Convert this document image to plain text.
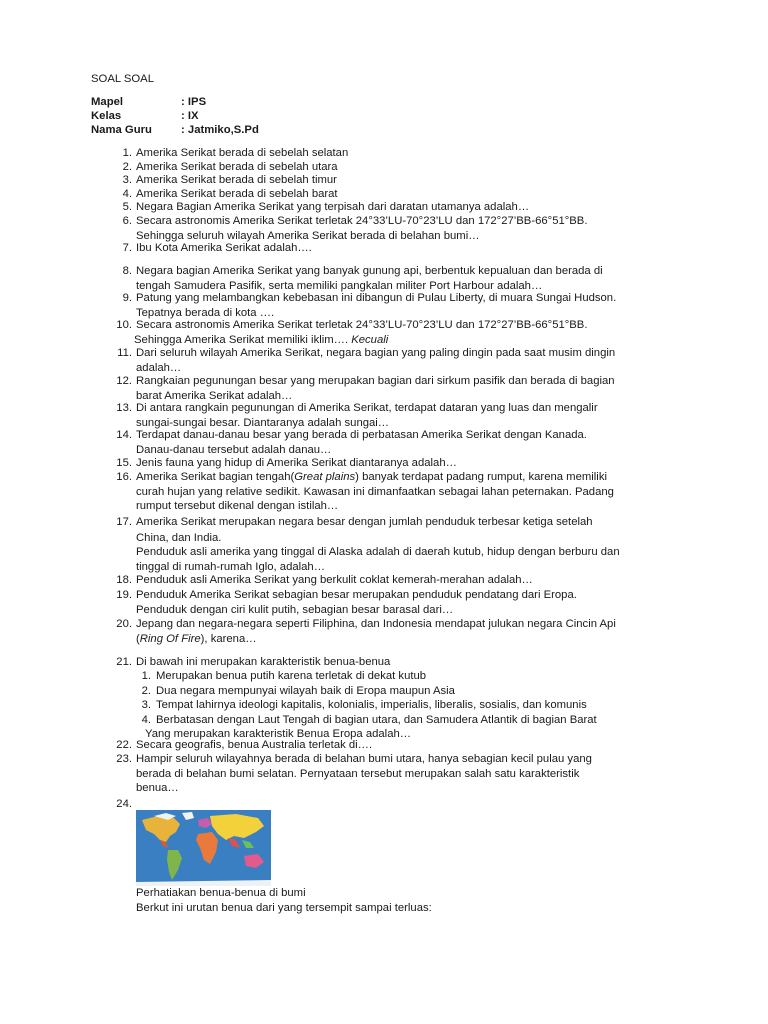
SOAL SOAL
Mapel	: IPS
Kelas	: IX
Nama Guru	: Jatmiko,S.Pd
1. Amerika Serikat berada di sebelah selatan
2. Amerika Serikat berada di sebelah utara
3. Amerika Serikat berada di sebelah timur
4. Amerika Serikat berada di sebelah barat
5. Negara Bagian Amerika Serikat yang terpisah dari daratan utamanya adalah…
6. Secara astronomis Amerika Serikat terletak 24°33’LU-70°23’LU dan 172°27’BB-66°51°BB.
Sehingga seluruh wilayah Amerika Serikat berada di belahan bumi…
7. Ibu Kota Amerika Serikat adalah….
8. Negara bagian Amerika Serikat yang banyak gunung api, berbentuk kepualuan dan berada di
tengah Samudera Pasifik, serta memiliki pangkalan militer Port Harbour adalah…
9. Patung yang melambangkan kebebasan ini dibangun di Pulau Liberty, di muara Sungai Hudson.
Tepatnya berada di kota ….
10. Secara astronomis Amerika Serikat terletak 24°33’LU-70°23’LU dan 172°27’BB-66°51°BB.
Sehingga Amerika Serikat memiliki iklim…. Kecuali
11. Dari seluruh wilayah Amerika Serikat, negara bagian yang paling dingin pada saat musim dingin
adalah…
12. Rangkaian pegunungan besar yang merupakan bagian dari sirkum pasifik dan berada di bagian
barat Amerika Serikat adalah…
13. Di antara rangkain pegunungan di Amerika Serikat, terdapat dataran yang luas dan mengalir
sungai-sungai besar. Diantaranya adalah sungai…
14. Terdapat danau-danau besar yang berada di perbatasan Amerika Serikat dengan Kanada.
Danau-danau tersebut adalah danau…
15. Jenis fauna yang hidup di Amerika Serikat diantaranya adalah…
16. Amerika Serikat bagian tengah(Great plains) banyak terdapat padang rumput, karena memiliki
curah hujan yang relative sedikit. Kawasan ini dimanfaatkan sebagai lahan peternakan. Padang
rumput tersebut dikenal dengan istilah…
17. Amerika Serikat merupakan negara besar dengan jumlah penduduk terbesar ketiga setelah
China, dan India.
Penduduk asli amerika yang tinggal di Alaska adalah di daerah kutub, hidup dengan berburu dan
tinggal di rumah-rumah Iglo, adalah…
18. Penduduk asli Amerika Serikat yang berkulit coklat kemerah-merahan adalah…
19. Penduduk Amerika Serikat sebagian besar merupakan penduduk pendatang dari Eropa.
Penduduk dengan ciri kulit putih, sebagian besar barasal dari…
20. Jepang dan negara-negara seperti Filiphina, dan Indonesia mendapat julukan negara Cincin Api
(Ring Of Fire), karena…
21. Di bawah ini merupakan karakteristik benua-benua
1. Merupakan benua putih karena terletak di dekat kutub
2. Dua negara mempunyai wilayah baik di Eropa maupun Asia
3. Tempat lahirnya ideologi kapitalis, kolonialis, imperialis, liberalis, sosialis, dan komunis
4. Berbatasan dengan Laut Tengah di bagian utara, dan Samudera Atlantik di bagian Barat
Yang merupakan karakteristik Benua Eropa adalah…
22. Secara geografis, benua Australia terletak di….
23. Hampir seluruh wilayahnya berada di belahan bumi utara, hanya sebagian kecil pulau yang
berada di belahan bumi selatan. Pernyataan tersebut merupakan salah satu karakteristik
benua…
24.

Perhatiakan benua-benua di bumi
Berkut ini urutan benua dari yang tersempit sampai terluas:
